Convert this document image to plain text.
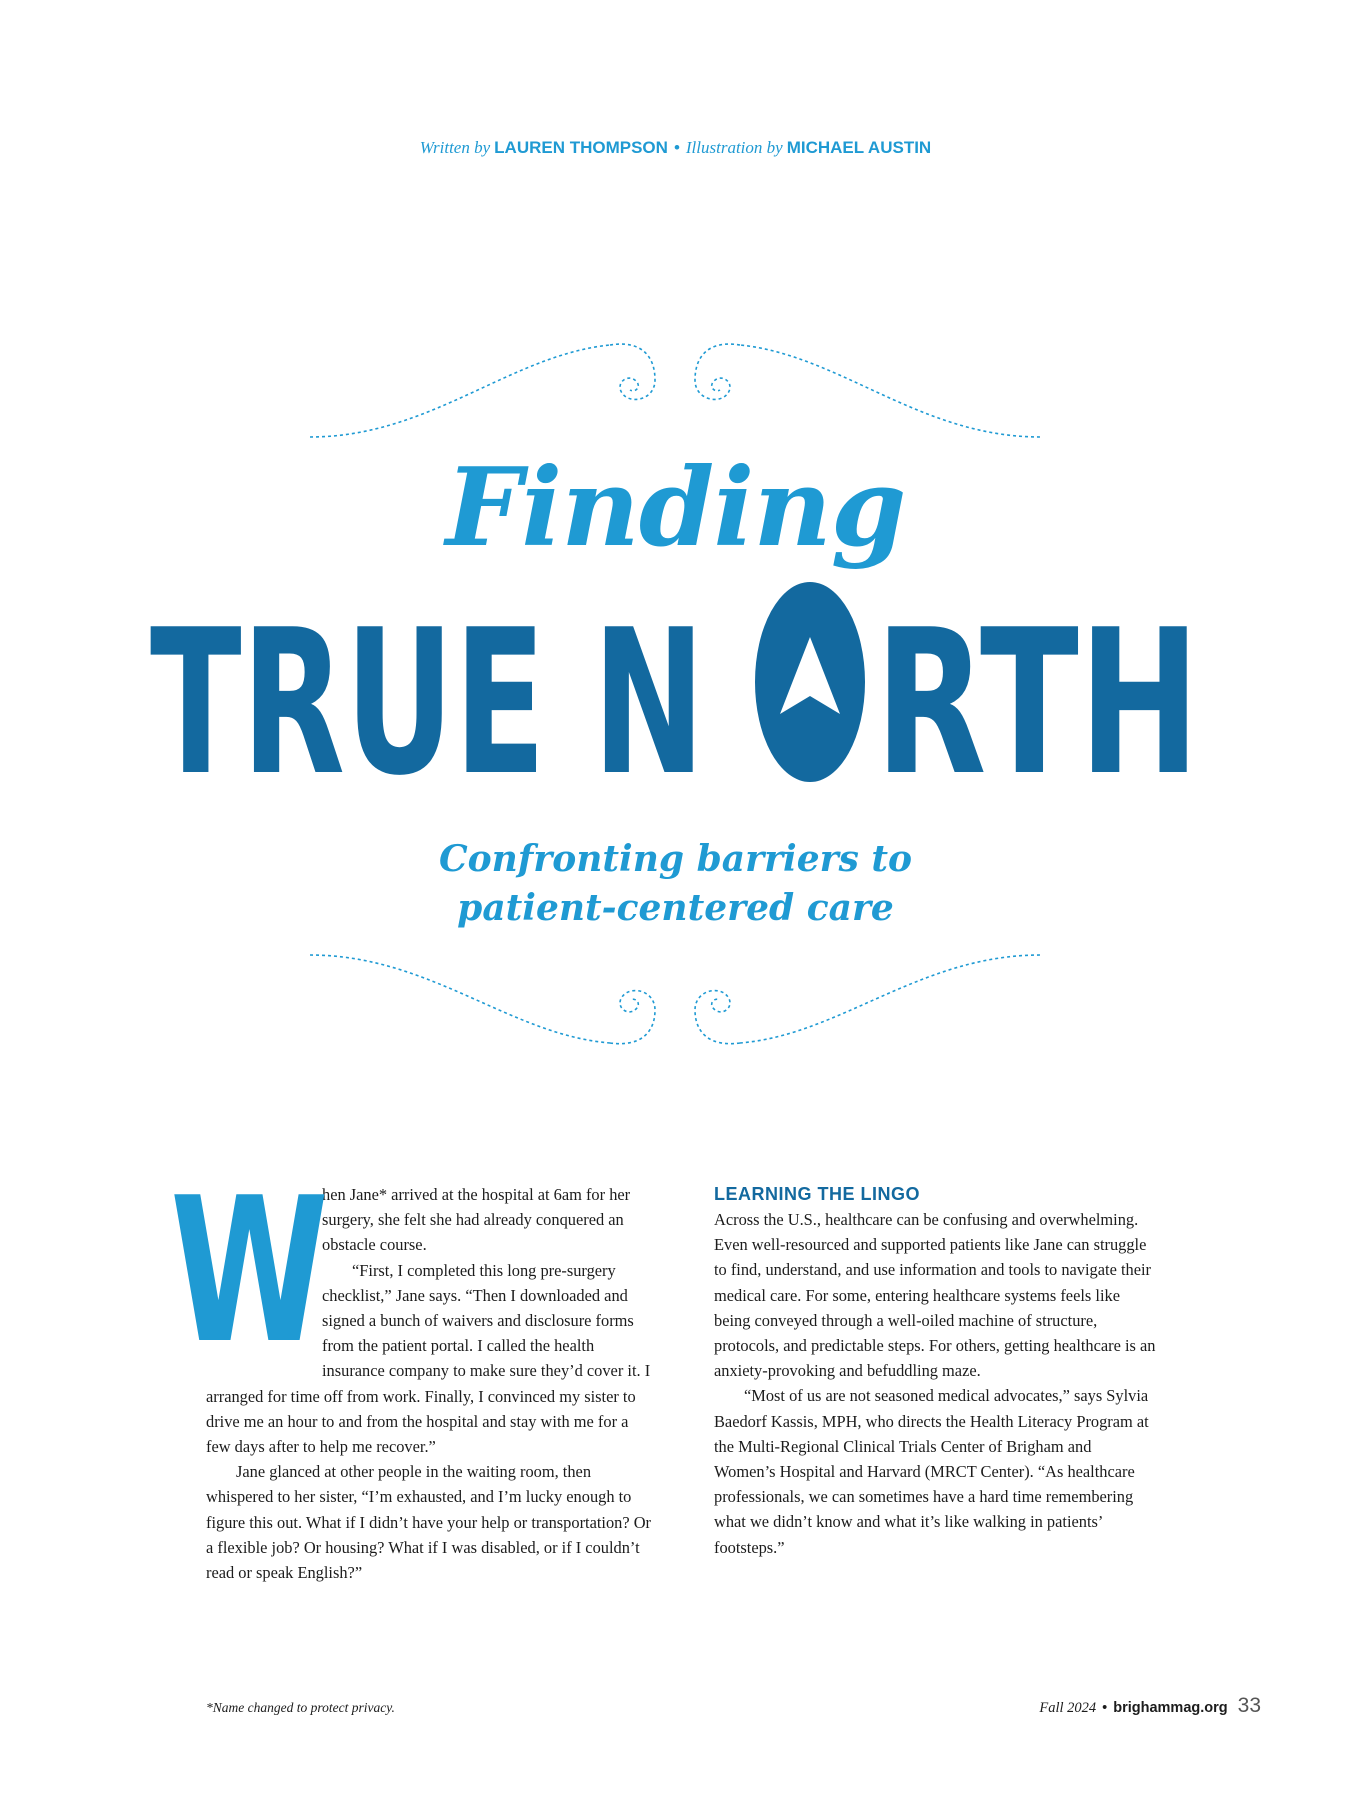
Written by LAUREN THOMPSON • Illustration by MICHAEL AUSTIN
Finding
TRUE N RTH
Confronting barriers to
patient-centered care
W

hen Jane* arrived at the hospital at 6am for her surgery, she felt she had already conquered an obstacle course.

“First, I completed this long pre-surgery checklist,” Jane says. “Then I downloaded and signed a bunch of waivers and disclosure forms from the patient portal. I called the health insurance company to make sure they’d cover it. I arranged for time off from work. Finally, I convinced my sister to drive me an hour to and from the hospital and stay with me for a few days after to help me recover.”

Jane glanced at other people in the waiting room, then whispered to her sister, “I’m exhausted, and I’m lucky enough to figure this out. What if I didn’t have your help or transportation? Or a flexible job? Or housing? What if I was disabled, or if I couldn’t read or speak English?”

LEARNING THE LINGO

Across the U.S., healthcare can be confusing and overwhelming. Even well-resourced and supported patients like Jane can struggle to find, understand, and use information and tools to navigate their medical care. For some, entering healthcare systems feels like being conveyed through a well-oiled machine of structure, protocols, and predictable steps. For others, getting healthcare is an anxiety-provoking and befuddling maze.

“Most of us are not seasoned medical advocates,” says Sylvia Baedorf Kassis, MPH, who directs the Health Literacy Program at the Multi-Regional Clinical Trials Center of Brigham and Women’s Hospital and Harvard (MRCT Center). “As healthcare professionals, we can sometimes have a hard time remembering what we didn’t know and what it’s like walking in patients’ footsteps.”

*Name changed to protect privacy.	Fall 2024 • brighammag.org 33
